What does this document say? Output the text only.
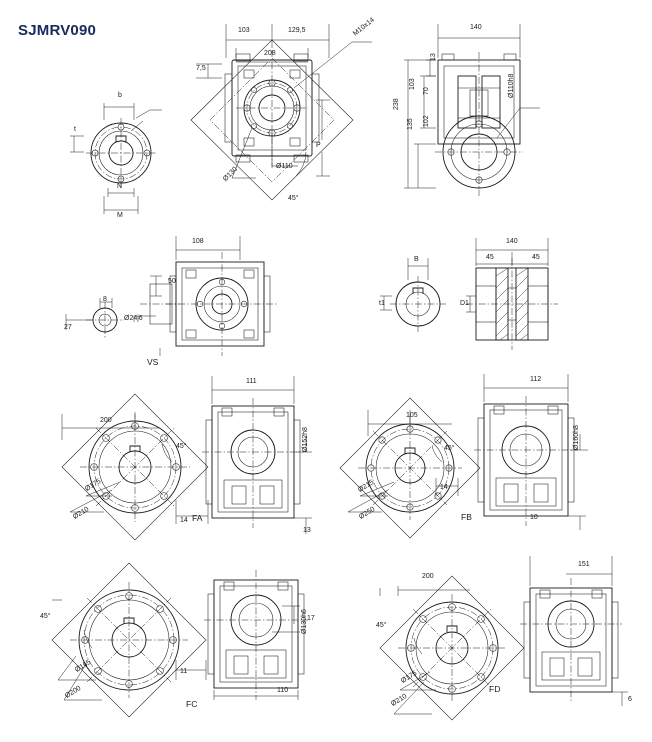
SJMRV090
b
t
M
N
103	129,5
208
7,5
M10x14
Ø130	Ø110
45°
P
140
13
103
70
238
135 102
Ø110h8
108
50
Ø24j6
27
8
VS
B
t1	D1
140
45	45
111
200
45°
Ø175
Ø210	14
Ø152h8
13
FA
112
105
45°
Ø215
Ø250
14
Ø160h8
10
FB
45°
Ø165
Ø200
11
110
17
Ø130h6
FC
151
200
45°
Ø175
Ø210	6
FD
